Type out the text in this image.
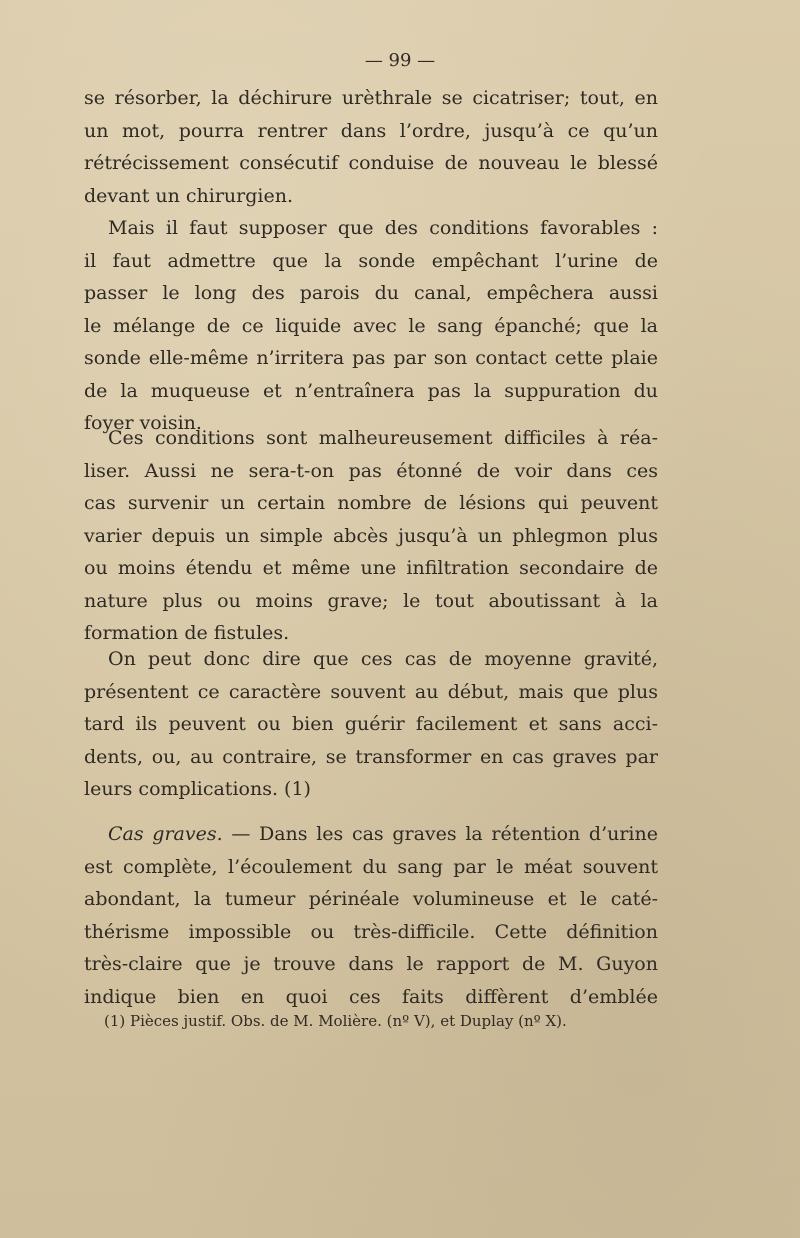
— 99 —
se résorber, la déchirure urèthrale se cicatriser; tout, en
un mot, pourra rentrer dans l’ordre, jusqu’à ce qu’un
rétrécissement consécutif conduise de nouveau le blessé
devant un chirurgien.
Mais il faut supposer que des conditions favorables :
il faut admettre que la sonde empêchant l’urine de
passer le long des parois du canal, empêchera aussi
le mélange de ce liquide avec le sang épanché; que la
sonde elle-même n’irritera pas par son contact cette plaie
de la muqueuse et n’entraînera pas la suppuration du
foyer voisin.
Ces conditions sont malheureusement difficiles à réa-
liser. Aussi ne sera-t-on pas étonné de voir dans ces
cas survenir un certain nombre de lésions qui peuvent
varier depuis un simple abcès jusqu’à un phlegmon plus
ou moins étendu et même une infiltration secondaire de
nature plus ou moins grave; le tout aboutissant à la
formation de fistules.
On peut donc dire que ces cas de moyenne gravité,
présentent ce caractère souvent au début, mais que plus
tard ils peuvent ou bien guérir facilement et sans acci-
dents, ou, au contraire, se transformer en cas graves par
leurs complications. (1)
Cas graves. — Dans les cas graves la rétention d’urine
est complète, l’écoulement du sang par le méat souvent
abondant, la tumeur périnéale volumineuse et le caté-
thérisme impossible ou très-difficile. Cette définition
très-claire que je trouve dans le rapport de M. Guyon
indique bien en quoi ces faits diffèrent d’emblée
(1) Pièces justif. Obs. de M. Molière. (nº V), et Duplay (nº X).
